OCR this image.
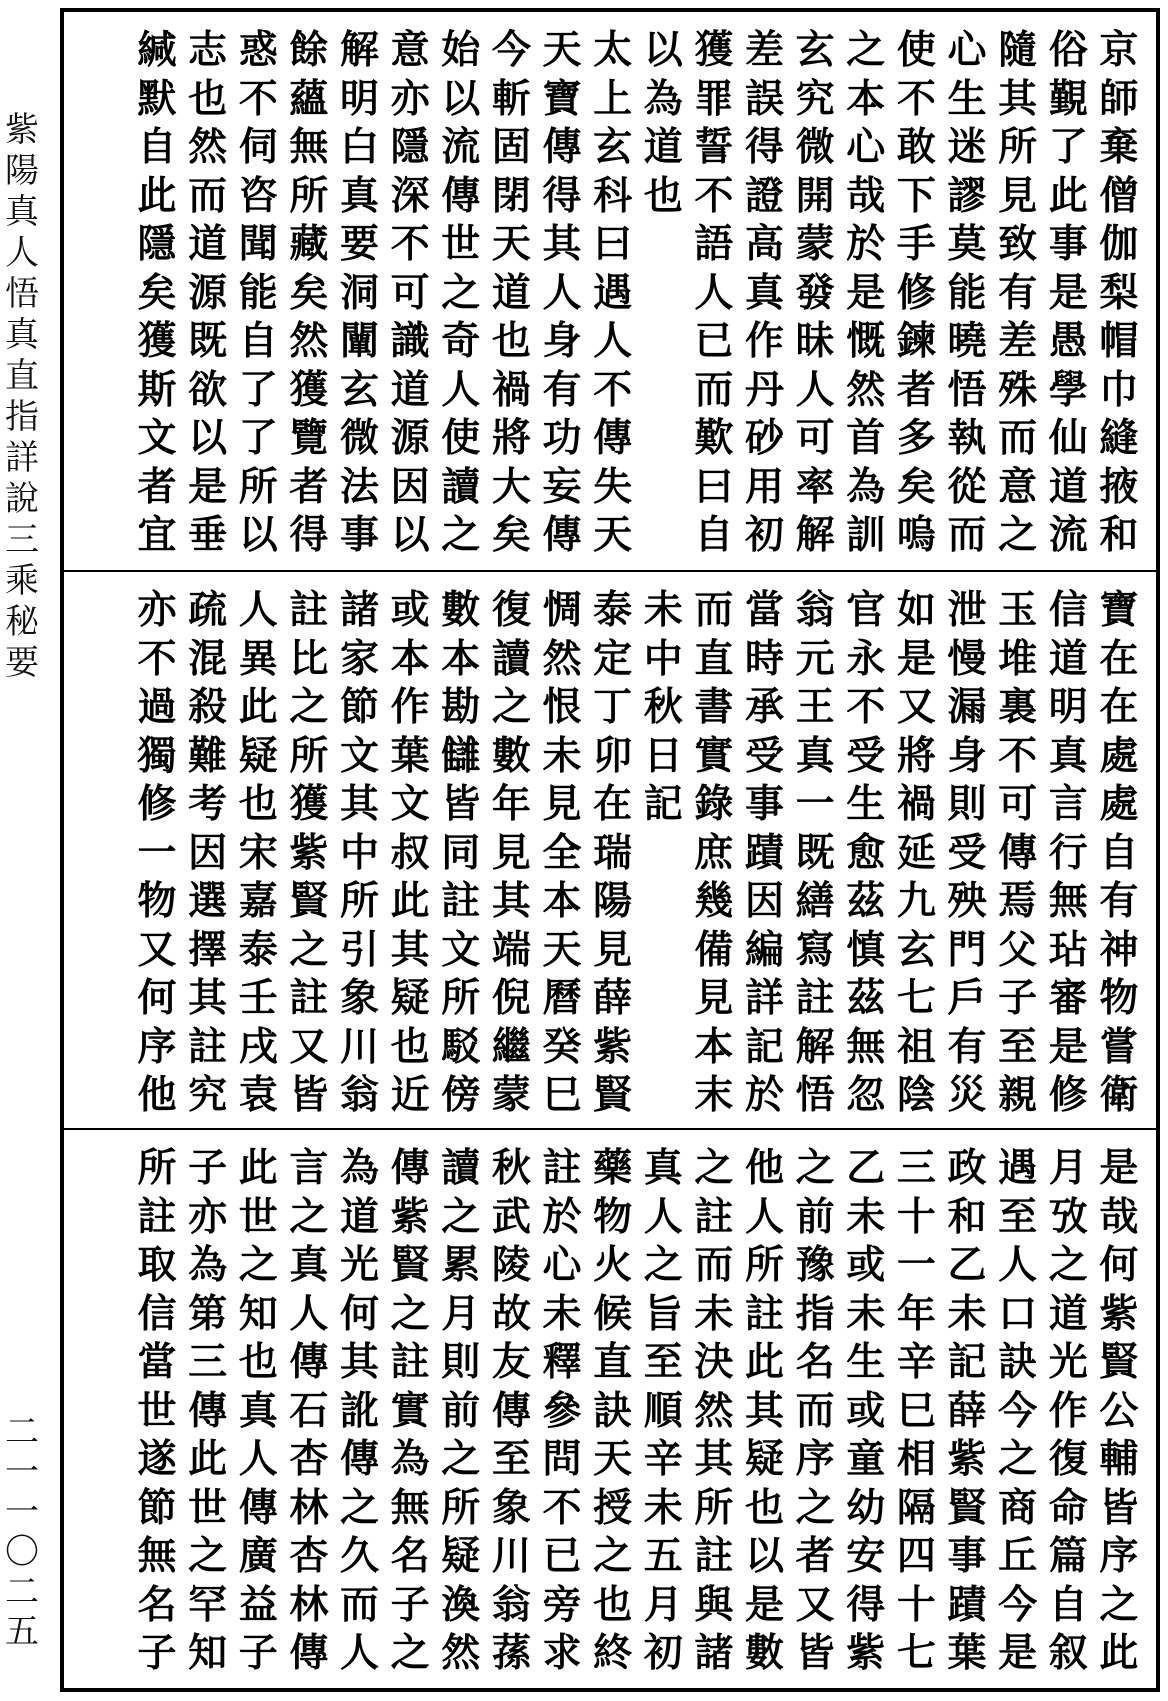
紫陽真人悟真直指詳說三乘秘要
二一一〇二五
京師棄僧伽梨帽巾縫掖和
俗覲了此事是愚學仙道流
隨其所見致有差殊而意之
心生迷謬莫能曉悟執從而
使不敢下手修鍊者多矣嗚
之本心哉於是慨然首為訓
玄究微開蒙發昧人可率解
差誤得證高真作丹砂用初
獲罪誓不語人已而歎曰自
以為道也
太上玄科曰遇人不傳失天
天寶傳得其人身有功妄傳
今斬固閉天道也禍將大矣
始以流傳世之奇人使讀之
意亦隱深不可識道源因以
解明白真要洞闡玄微法事
餘蘊無所藏矣然獲覽者得
惑不伺咨聞能自了了所以
志也然而道源既欲以是垂
緘默自此隱矣獲斯文者宜
寶在在處處自有神物嘗衛
信道明真言行無玷審是修
玉堆裏不可傳焉父子至親
泄慢漏身則受殃門戶有災
如是又將禍延九玄七祖陰
官永不受生愈茲慎茲無忽
翁元王真一既繕寫註解悟
當時承受事蹟因編詳記於
而直書實錄庶幾備見本末
未中秋日記
泰定丁卯在瑞陽見薛紫賢
惆然恨未見全本天曆癸巳
復讀之數年見其端倪繼蒙
數本勘讎皆同註文所駁傍
或本作葉文叔此其疑也近
諸家節文其中所引象川翁
註比之所獲紫賢之註又皆
人異此疑也宋嘉泰壬戌袁
疏混殺難考因選擇其註究
亦不過獨修一物又何序他
是哉何紫賢公輔皆序之此
月攷之道光作復命篇自叙
遇至人口訣今之商丘今是
政和乙未記薛紫賢事蹟葉
三十一年辛巳相隔四十七
乙未或未生或童幼安得紫
之前豫指名而序之者又皆
他人所註此其疑也以是數
之註而未決然其所註與諸
真人之旨至順辛未五月初
藥物火候直訣天授之也終
註於心未釋參問不已旁求
秋武陵故友傳至象川翁蓀
讀之累月則前之所疑渙然
傳紫賢之註實為無名子之
為道光何其訛傳之久而人
言之真人傳石杏林杏林傳
此世之知也真人傳廣益子
子亦為第三傳此世之罕知
所註取信當世遂節無名子
